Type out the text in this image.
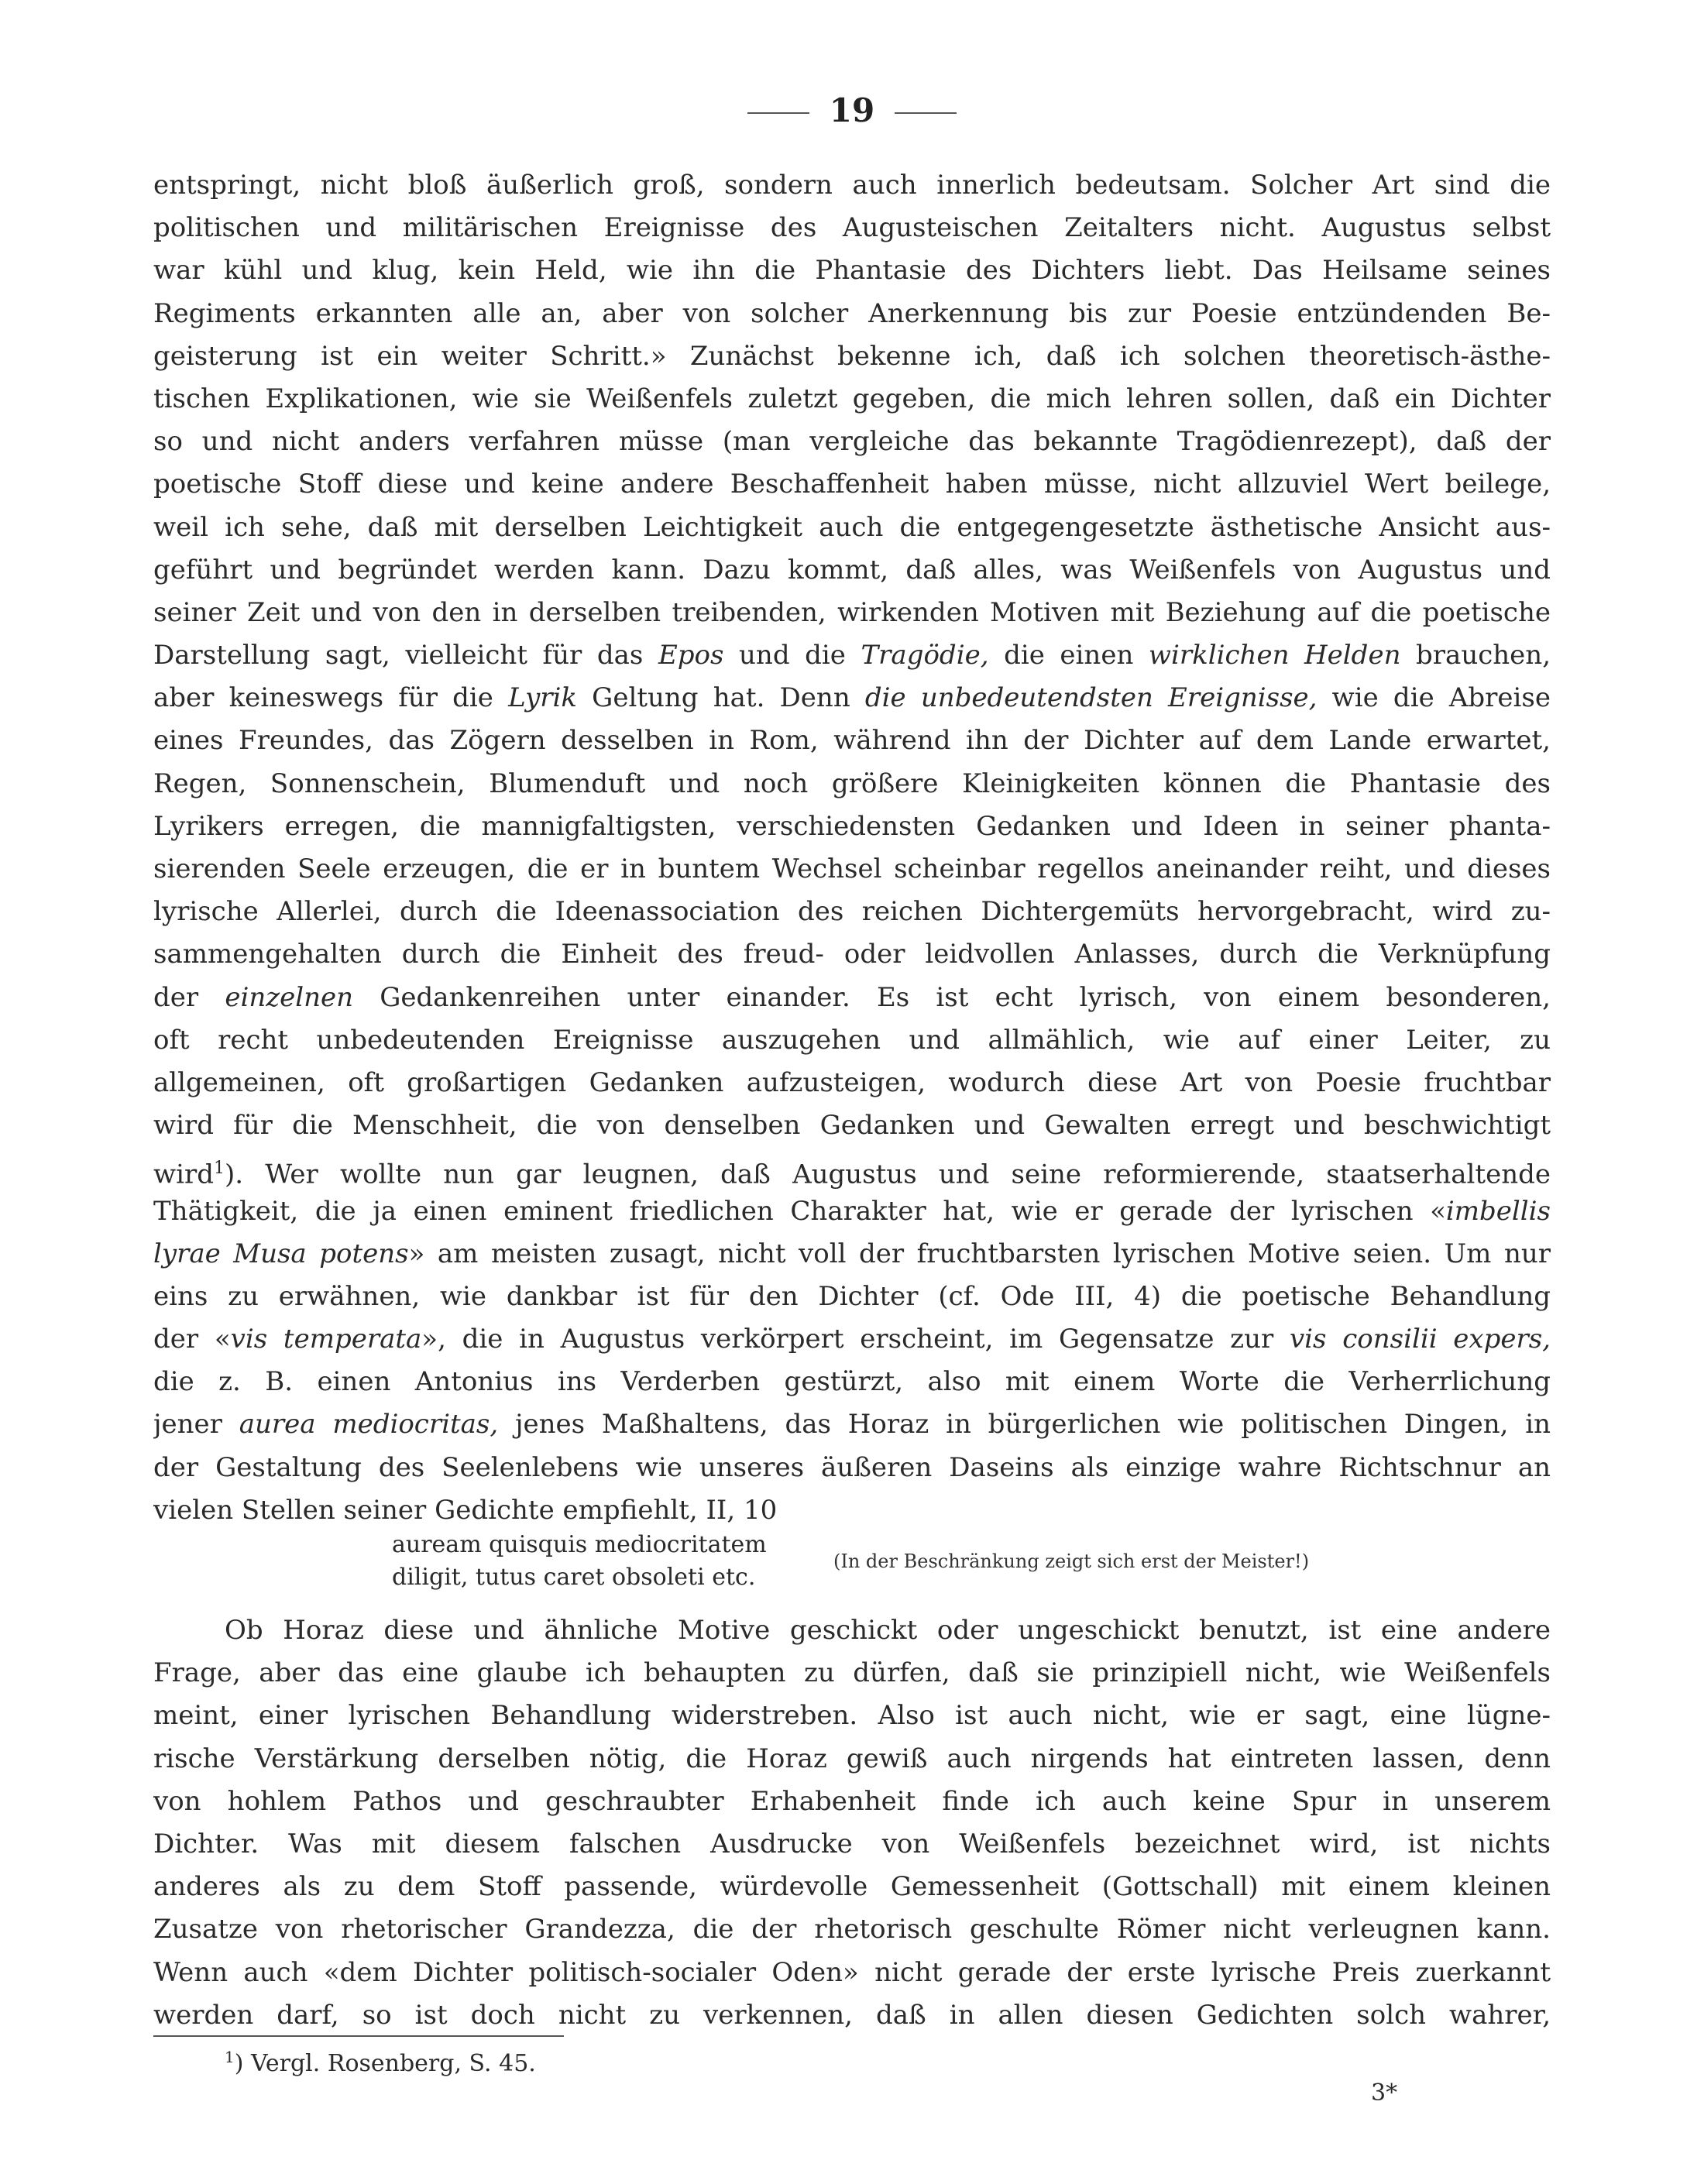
19
entspringt, nicht bloß äußerlich groß, sondern auch innerlich bedeutsam. Solcher Art sind die
politischen und militärischen Ereignisse des Augusteischen Zeitalters nicht. Augustus selbst
war kühl und klug, kein Held, wie ihn die Phantasie des Dichters liebt. Das Heilsame seines
Regiments erkannten alle an, aber von solcher Anerkennung bis zur Poesie entzündenden Be-
geisterung ist ein weiter Schritt.» Zunächst bekenne ich, daß ich solchen theoretisch-ästhe-
tischen Explikationen, wie sie Weißenfels zuletzt gegeben, die mich lehren sollen, daß ein Dichter
so und nicht anders verfahren müsse (man vergleiche das bekannte Tragödienrezept), daß der
poetische Stoff diese und keine andere Beschaffenheit haben müsse, nicht allzuviel Wert beilege,
weil ich sehe, daß mit derselben Leichtigkeit auch die entgegengesetzte ästhetische Ansicht aus-
geführt und begründet werden kann. Dazu kommt, daß alles, was Weißenfels von Augustus und
seiner Zeit und von den in derselben treibenden, wirkenden Motiven mit Beziehung auf die poetische
Darstellung sagt, vielleicht für das Epos und die Tragödie, die einen wirklichen Helden brauchen,
aber keineswegs für die Lyrik Geltung hat. Denn die unbedeutendsten Ereignisse, wie die Abreise
eines Freundes, das Zögern desselben in Rom, während ihn der Dichter auf dem Lande erwartet,
Regen, Sonnenschein, Blumenduft und noch größere Kleinigkeiten können die Phantasie des
Lyrikers erregen, die mannigfaltigsten, verschiedensten Gedanken und Ideen in seiner phanta-
sierenden Seele erzeugen, die er in buntem Wechsel scheinbar regellos aneinander reiht, und dieses
lyrische Allerlei, durch die Ideenassociation des reichen Dichtergemüts hervorgebracht, wird zu-
sammengehalten durch die Einheit des freud- oder leidvollen Anlasses, durch die Verknüpfung
der einzelnen Gedankenreihen unter einander. Es ist echt lyrisch, von einem besonderen,
oft recht unbedeutenden Ereignisse auszugehen und allmählich, wie auf einer Leiter, zu
allgemeinen, oft großartigen Gedanken aufzusteigen, wodurch diese Art von Poesie fruchtbar
wird für die Menschheit, die von denselben Gedanken und Gewalten erregt und beschwichtigt
wird$^1$). Wer wollte nun gar leugnen, daß Augustus und seine reformierende, staatserhaltende
Thätigkeit, die ja einen eminent friedlichen Charakter hat, wie er gerade der lyrischen «imbellis
lyrae Musa potens» am meisten zusagt, nicht voll der fruchtbarsten lyrischen Motive seien. Um nur
eins zu erwähnen, wie dankbar ist für den Dichter (cf. Ode III, 4) die poetische Behandlung
der «vis temperata», die in Augustus verkörpert erscheint, im Gegensatze zur vis consilii expers,
die z. B. einen Antonius ins Verderben gestürzt, also mit einem Worte die Verherrlichung
jener aurea mediocritas, jenes Maßhaltens, das Horaz in bürgerlichen wie politischen Dingen, in
der Gestaltung des Seelenlebens wie unseres äußeren Daseins als einzige wahre Richtschnur an
vielen Stellen seiner Gedichte empfiehlt, II, 10
auream quisquis mediocritatem
diligit, tutus caret obsoleti etc.
(In der Beschränkung zeigt sich erst der Meister!)
Ob Horaz diese und ähnliche Motive geschickt oder ungeschickt benutzt, ist eine andere
Frage, aber das eine glaube ich behaupten zu dürfen, daß sie prinzipiell nicht, wie Weißenfels
meint, einer lyrischen Behandlung widerstreben. Also ist auch nicht, wie er sagt, eine lügne-
rische Verstärkung derselben nötig, die Horaz gewiß auch nirgends hat eintreten lassen, denn
von hohlem Pathos und geschraubter Erhabenheit finde ich auch keine Spur in unserem
Dichter. Was mit diesem falschen Ausdrucke von Weißenfels bezeichnet wird, ist nichts
anderes als zu dem Stoff passende, würdevolle Gemessenheit (Gottschall) mit einem kleinen
Zusatze von rhetorischer Grandezza, die der rhetorisch geschulte Römer nicht verleugnen kann.
Wenn auch «dem Dichter politisch-socialer Oden» nicht gerade der erste lyrische Preis zuerkannt
werden darf, so ist doch nicht zu verkennen, daß in allen diesen Gedichten solch wahrer,
$^1$) Vergl. Rosenberg, S. 45.
3*
